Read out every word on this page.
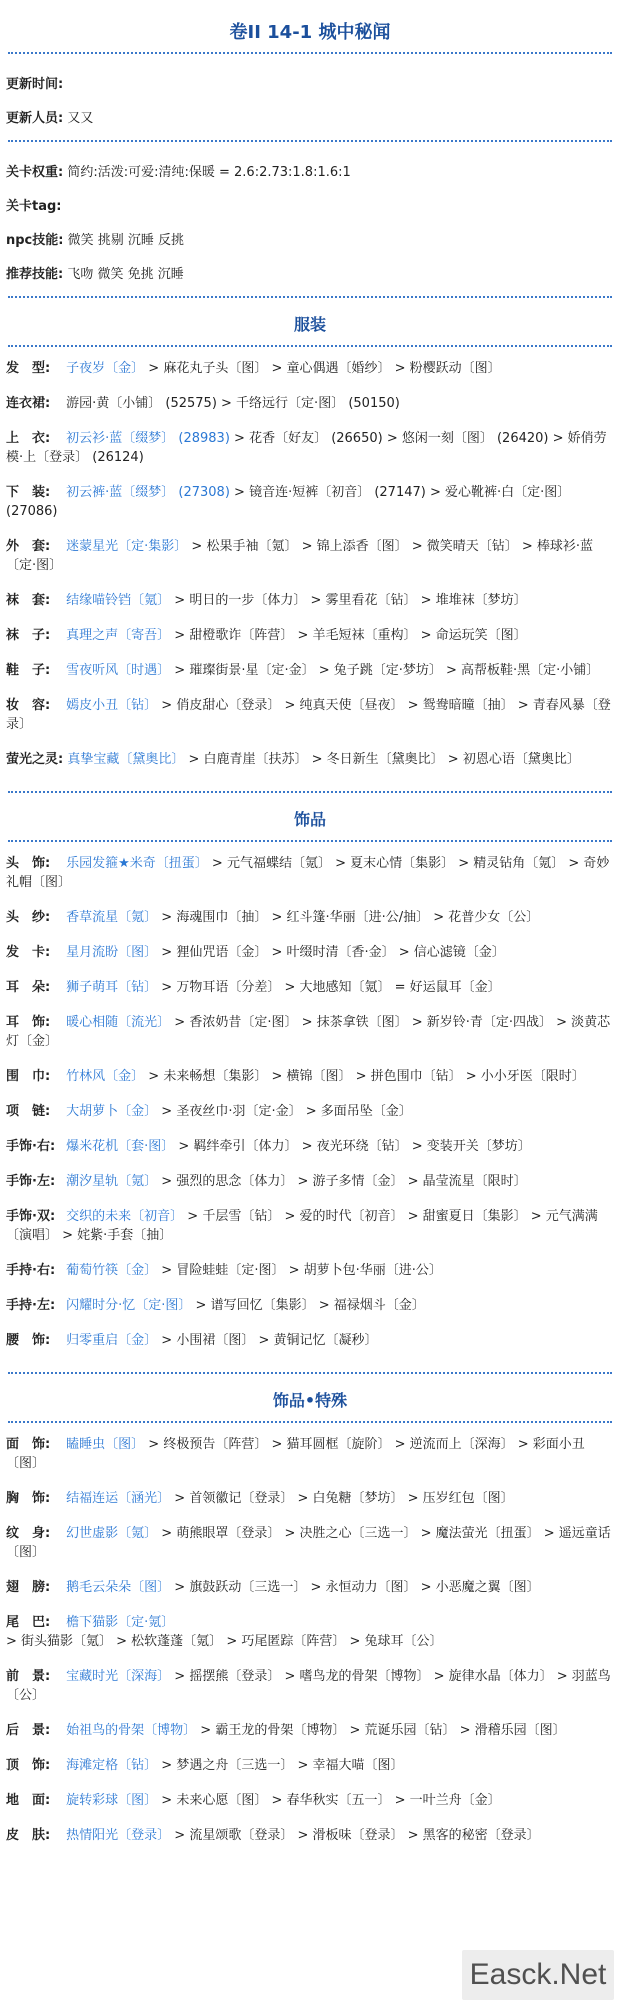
卷II 14-1 城中秘闻
更新时间:
更新人员: 又又
关卡权重: 简约:活泼:可爱:清纯:保暖 = 2.6:2.73:1.8:1.6:1
关卡tag:
npc技能: 微笑 挑剔 沉睡 反挑
推荐技能: 飞吻 微笑 免挑 沉睡
服装
发　型: 子夜岁〔金〕 > 麻花丸子头〔图〕 > 童心偶遇〔婚纱〕 > 粉樱跃动〔图〕
连衣裙: 游园·黄〔小铺〕 (52575) > 千络远行〔定·图〕 (50150)
上　衣: 初云衫·蓝〔缀梦〕 (28983) > 花香〔好友〕 (26650) > 悠闲一刻〔图〕 (26420) > 娇俏劳模·上〔登录〕 (26124)
下　装: 初云裤·蓝〔缀梦〕 (27308) > 镜音连·短裤〔初音〕 (27147) > 爱心靴裤·白〔定·图〕 (27086)
外　套: 迷蒙星光〔定·集影〕 > 松果手袖〔氪〕 > 锦上添香〔图〕 > 微笑晴天〔钻〕 > 棒球衫·蓝〔定·图〕
袜　套: 结缘喵铃铛〔氪〕 > 明日的一步〔体力〕 > 雾里看花〔钻〕 > 堆堆袜〔梦坊〕
袜　子: 真理之声〔寄吾〕 > 甜橙歌诈〔阵营〕 > 羊毛短袜〔重构〕 > 命运玩笑〔图〕
鞋　子: 雪夜听风〔时遇〕 > 璀璨街景·星〔定·金〕 > 兔子跳〔定·梦坊〕 > 高帮板鞋·黑〔定·小铺〕
妆　容: 嫣皮小丑〔钻〕 > 俏皮甜心〔登录〕 > 纯真天使〔昼夜〕 > 鸳鸯暗曈〔抽〕 > 青春风暴〔登录〕
萤光之灵: 真挚宝藏〔黛奥比〕 > 白鹿青崖〔扶苏〕 > 冬日新生〔黛奥比〕 > 初恩心语〔黛奥比〕
饰品
头　饰: 乐园发箍★米奇〔扭蛋〕 > 元气福蝶结〔氪〕 > 夏末心情〔集影〕 > 精灵钻角〔氪〕 > 奇妙礼帽〔图〕
头　纱: 香草流星〔氪〕 > 海魂围巾〔抽〕 > 红斗篷·华丽〔进·公/抽〕 > 花普少女〔公〕
发　卡: 星月流盼〔图〕 > 狸仙咒语〔金〕 > 叶缀时清〔香·金〕 > 信心滤镜〔金〕
耳　朵: 狮子萌耳〔钻〕 > 万物耳语〔分差〕 > 大地感知〔氪〕 = 好运鼠耳〔金〕
耳　饰: 暖心相随〔流光〕 > 香浓奶昔〔定·图〕 > 抹茶拿铁〔图〕 > 新岁铃·青〔定·四战〕 > 淡黄芯灯〔金〕
围　巾: 竹林风〔金〕 > 未来畅想〔集影〕 > 横锦〔图〕 > 拼色围巾〔钻〕 > 小小牙医〔限时〕
项　链: 大胡萝卜〔金〕 > 圣夜丝巾·羽〔定·金〕 > 多面吊坠〔金〕
手饰·右: 爆米花机〔套·图〕 > 羁绊牵引〔体力〕 > 夜光环绕〔钻〕 > 变装开关〔梦坊〕
手饰·左: 潮汐星轨〔氪〕 > 强烈的思念〔体力〕 > 游子多情〔金〕 > 晶莹流星〔限时〕
手饰·双: 交织的未来〔初音〕 > 千层雪〔钻〕 > 爱的时代〔初音〕 > 甜蜜夏日〔集影〕 > 元气满满〔演唱〕 > 姹紫·手套〔抽〕
手持·右: 葡萄竹筷〔金〕 > 冒险蛙蛙〔定·图〕 > 胡萝卜包·华丽〔进·公〕
手持·左: 闪耀时分·忆〔定·图〕 > 谱写回忆〔集影〕 > 福禄烟斗〔金〕
腰　饰: 归零重启〔金〕 > 小围裙〔图〕 > 黄铜记忆〔凝秒〕
饰品•特殊
面　饰: 瞌睡虫〔图〕 > 终极预告〔阵营〕 > 猫耳圆框〔旋阶〕 > 逆流而上〔深海〕 > 彩面小丑〔图〕
胸　饰: 结福连运〔涵光〕 > 首领徽记〔登录〕 > 白兔糖〔梦坊〕 > 压岁红包〔图〕
纹　身: 幻世虚影〔氪〕 > 萌熊眼罩〔登录〕 > 决胜之心〔三选一〕 > 魔法萤光〔扭蛋〕 > 遥远童话〔图〕
翅　膀: 鹅毛云朵朵〔图〕 > 旗鼓跃动〔三选一〕 > 永恒动力〔图〕 > 小恶魔之翼〔图〕
尾　巴: 檐下猫影〔定·氪〕 > 街头猫影〔氪〕 > 松软蓬蓬〔氪〕 > 巧尾匿踪〔阵营〕 > 兔球耳〔公〕
前　景: 宝藏时光〔深海〕 > 摇摆熊〔登录〕 > 嗜鸟龙的骨架〔博物〕 > 旋律水晶〔体力〕 > 羽蓝鸟〔公〕
后　景: 始祖鸟的骨架〔博物〕 > 霸王龙的骨架〔博物〕 > 荒诞乐园〔钻〕 > 滑稽乐园〔图〕
顶　饰: 海滩定格〔钻〕 > 梦遇之舟〔三选一〕 > 幸福大喵〔图〕
地　面: 旋转彩球〔图〕 > 未来心愿〔图〕 > 春华秋实〔五一〕 > 一叶兰舟〔金〕
皮　肤: 热情阳光〔登录〕 > 流星颂歌〔登录〕 > 滑板味〔登录〕 > 黑客的秘密〔登录〕
Easck.Net
